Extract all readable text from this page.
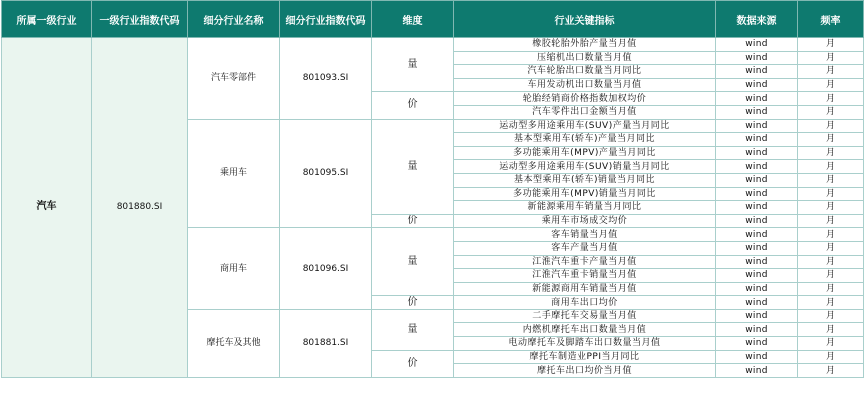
所属一级行业	一级行业指数代码	细分行业名称	细分行业指数代码	维度	行业关键指标	数据来源	频率
汽车	801880.SI	汽车零部件	801093.SI	量	橡胶轮胎外胎产量当月值	wind	月
					压缩机出口数量当月值	wind	月
					汽车轮胎出口数量当月同比	wind	月
					车用发动机出口数量当月值	wind	月
				价	轮胎经销商价格指数加权均价	wind	月
					汽车零件出口金额当月值	wind	月
		乘用车	801095.SI	量	运动型多用途乘用车(SUV)产量当月同比	wind	月
					基本型乘用车(轿车)产量当月同比	wind	月
					多功能乘用车(MPV)产量当月同比	wind	月
					运动型多用途乘用车(SUV)销量当月同比	wind	月
					基本型乘用车(轿车)销量当月同比	wind	月
					多功能乘用车(MPV)销量当月同比	wind	月
					新能源乘用车销量当月同比	wind	月
				价	乘用车市场成交均价	wind	月
		商用车	801096.SI	量	客车销量当月值	wind	月
					客车产量当月值	wind	月
					江淮汽车重卡产量当月值	wind	月
					江淮汽车重卡销量当月值	wind	月
					新能源商用车销量当月值	wind	月
				价	商用车出口均价	wind	月
		摩托车及其他	801881.SI	量	二手摩托车交易量当月值	wind	月
					内燃机摩托车出口数量当月值	wind	月
					电动摩托车及脚踏车出口数量当月值	wind	月
				价	摩托车制造业PPI当月同比	wind	月
					摩托车出口均价当月值	wind	月
